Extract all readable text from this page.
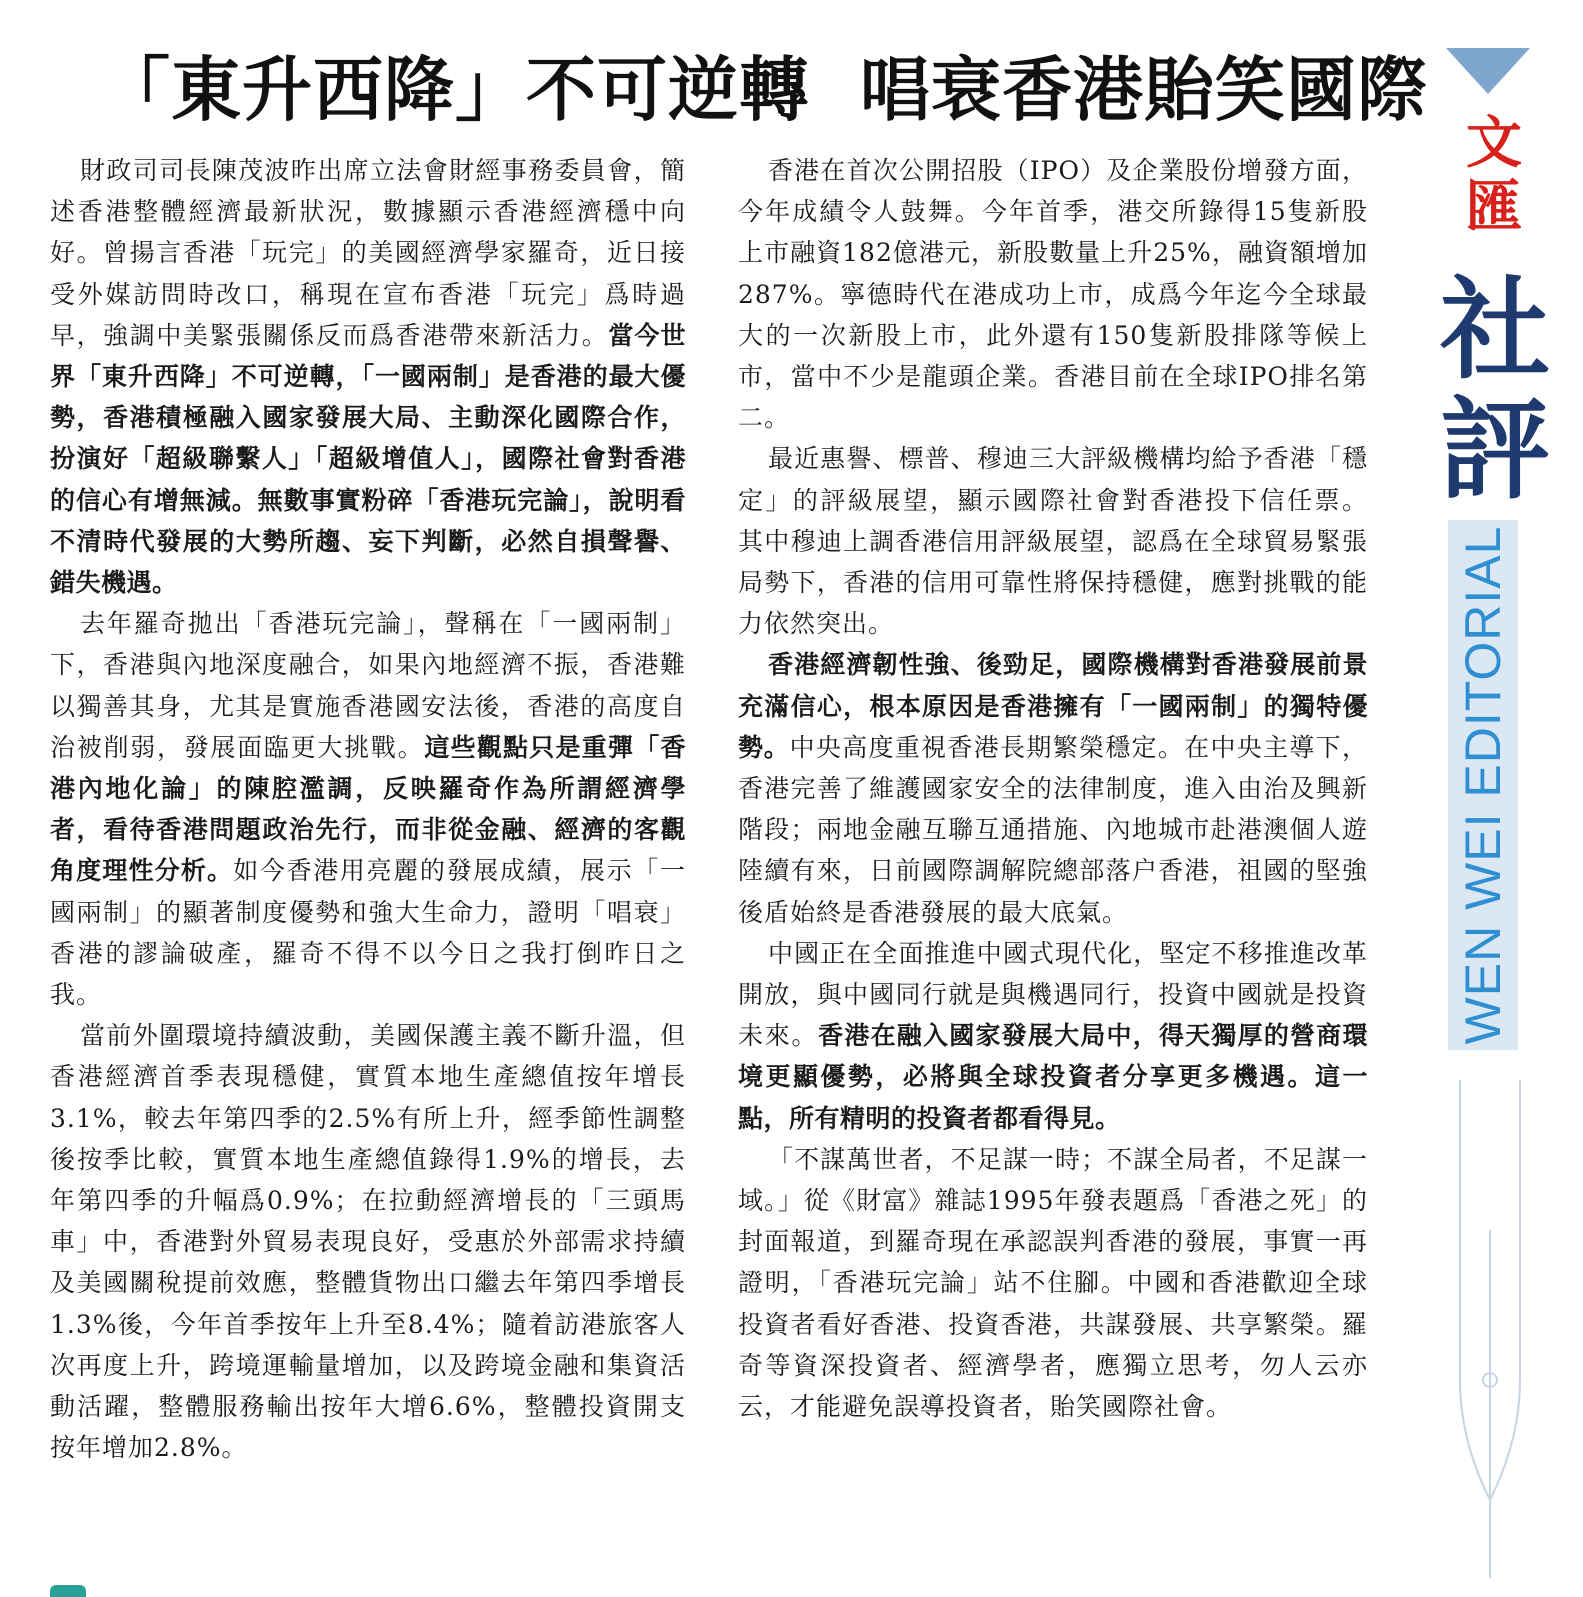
「東升西降」不可逆轉 唱衰香港貽笑國際

財政司司長陳茂波昨出席立法會財經事務委員會，簡述香港整體經濟最新狀況，數據顯示香港經濟穩中向好。曾揚言香港「玩完」的美國經濟學家羅奇，近日接受外媒訪問時改口，稱現在宣布香港「玩完」爲時過早，強調中美緊張關係反而爲香港帶來新活力。當今世界「東升西降」不可逆轉，「一國兩制」是香港的最大優勢，香港積極融入國家發展大局、主動深化國際合作，扮演好「超級聯繫人」「超級增值人」，國際社會對香港的信心有增無減。無數事實粉碎「香港玩完論」，說明看不清時代發展的大勢所趨、妄下判斷，必然自損聲譽、錯失機遇。

去年羅奇拋出「香港玩完論」，聲稱在「一國兩制」下，香港與內地深度融合，如果內地經濟不振，香港難以獨善其身，尤其是實施香港國安法後，香港的高度自治被削弱，發展面臨更大挑戰。這些觀點只是重彈「香港內地化論」的陳腔濫調，反映羅奇作為所謂經濟學者，看待香港問題政治先行，而非從金融、經濟的客觀角度理性分析。如今香港用亮麗的發展成績，展示「一國兩制」的顯著制度優勢和強大生命力，證明「唱衰」香港的謬論破產，羅奇不得不以今日之我打倒昨日之我。

當前外圍環境持續波動，美國保護主義不斷升溫，但香港經濟首季表現穩健，實質本地生產總值按年增長3.1%，較去年第四季的2.5%有所上升，經季節性調整後按季比較，實質本地生產總值錄得1.9%的增長，去年第四季的升幅爲0.9%；在拉動經濟增長的「三頭馬車」中，香港對外貿易表現良好，受惠於外部需求持續及美國關稅提前效應，整體貨物出口繼去年第四季增長1.3%後，今年首季按年上升至8.4%；隨着訪港旅客人次再度上升，跨境運輸量增加，以及跨境金融和集資活動活躍，整體服務輸出按年大增6.6%，整體投資開支按年增加2.8%。

香港在首次公開招股（IPO）及企業股份增發方面，今年成績令人鼓舞。今年首季，港交所錄得15隻新股上市融資182億港元，新股數量上升25%，融資額增加287%。寧德時代在港成功上市，成爲今年迄今全球最大的一次新股上市，此外還有150隻新股排隊等候上市，當中不少是龍頭企業。香港目前在全球IPO排名第二。

最近惠譽、標普、穆迪三大評級機構均給予香港「穩定」的評級展望，顯示國際社會對香港投下信任票。 其中穆迪上調香港信用評級展望，認爲在全球貿易緊張局勢下，香港的信用可靠性將保持穩健，應對挑戰的能力依然突出。

香港經濟韌性強、後勁足，國際機構對香港發展前景充滿信心，根本原因是香港擁有「一國兩制」的獨特優勢。中央高度重視香港長期繁榮穩定。在中央主導下，香港完善了維護國家安全的法律制度，進入由治及興新階段；兩地金融互聯互通措施、內地城市赴港澳個人遊陸續有來，日前國際調解院總部落户香港，祖國的堅強後盾始終是香港發展的最大底氣。

中國正在全面推進中國式現代化，堅定不移推進改革開放，與中國同行就是與機遇同行，投資中國就是投資未來。香港在融入國家發展大局中，得天獨厚的營商環境更顯優勢，必將與全球投資者分享更多機遇。這一點，所有精明的投資者都看得見。

「不謀萬世者，不足謀一時；不謀全局者，不足謀一域。」從《財富》雜誌1995年發表題爲「香港之死」的封面報道，到羅奇現在承認誤判香港的發展，事實一再證明，「香港玩完論」站不住腳。中國和香港歡迎全球投資者看好香港、投資香港，共謀發展、共享繁榮。羅奇等資深投資者、經濟學者，應獨立思考，勿人云亦云，才能避免誤導投資者，貽笑國際社會。

文
匯
社
評
WEN WEI EDITORIAL
